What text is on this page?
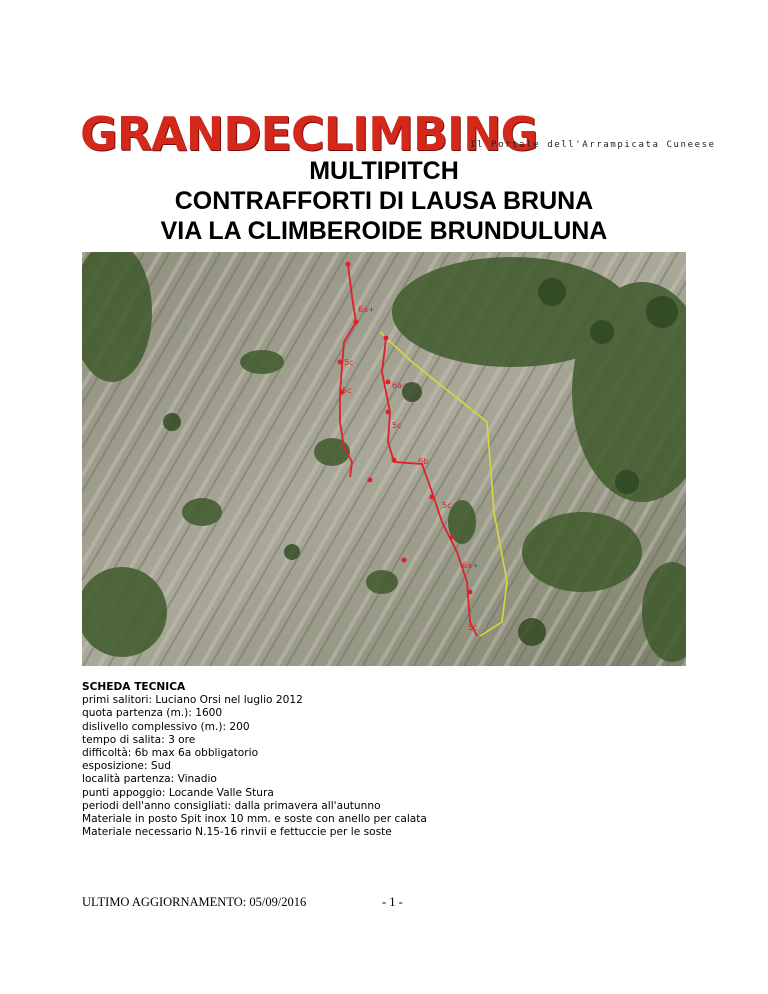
GRANDECLIMBING
Il Portale dell'Arrampicata Cuneese
MULTIPITCH
CONTRAFFORTI DI LAUSA BRUNA
VIA LA CLIMBEROIDE BRUNDULUNA
6a+
5c
5c
6a+
5c
6b
5c
6a+
5c
SCHEDA TECNICA
primi salitori: Luciano Orsi nel luglio 2012
quota partenza (m.): 1600
dislivello complessivo (m.): 200
tempo di salita: 3 ore
difficoltà: 6b max 6a obbligatorio
esposizione: Sud
località partenza: Vinadio
punti appoggio: Locande Valle Stura
periodi dell'anno consigliati: dalla primavera all'autunno
Materiale in posto Spit inox 10 mm. e soste con anello per calata
Materiale necessario N.15-16 rinvii e fettuccie per le soste
ULTIMO AGGIORNAMENTO: 05/09/2016	- 1 -
